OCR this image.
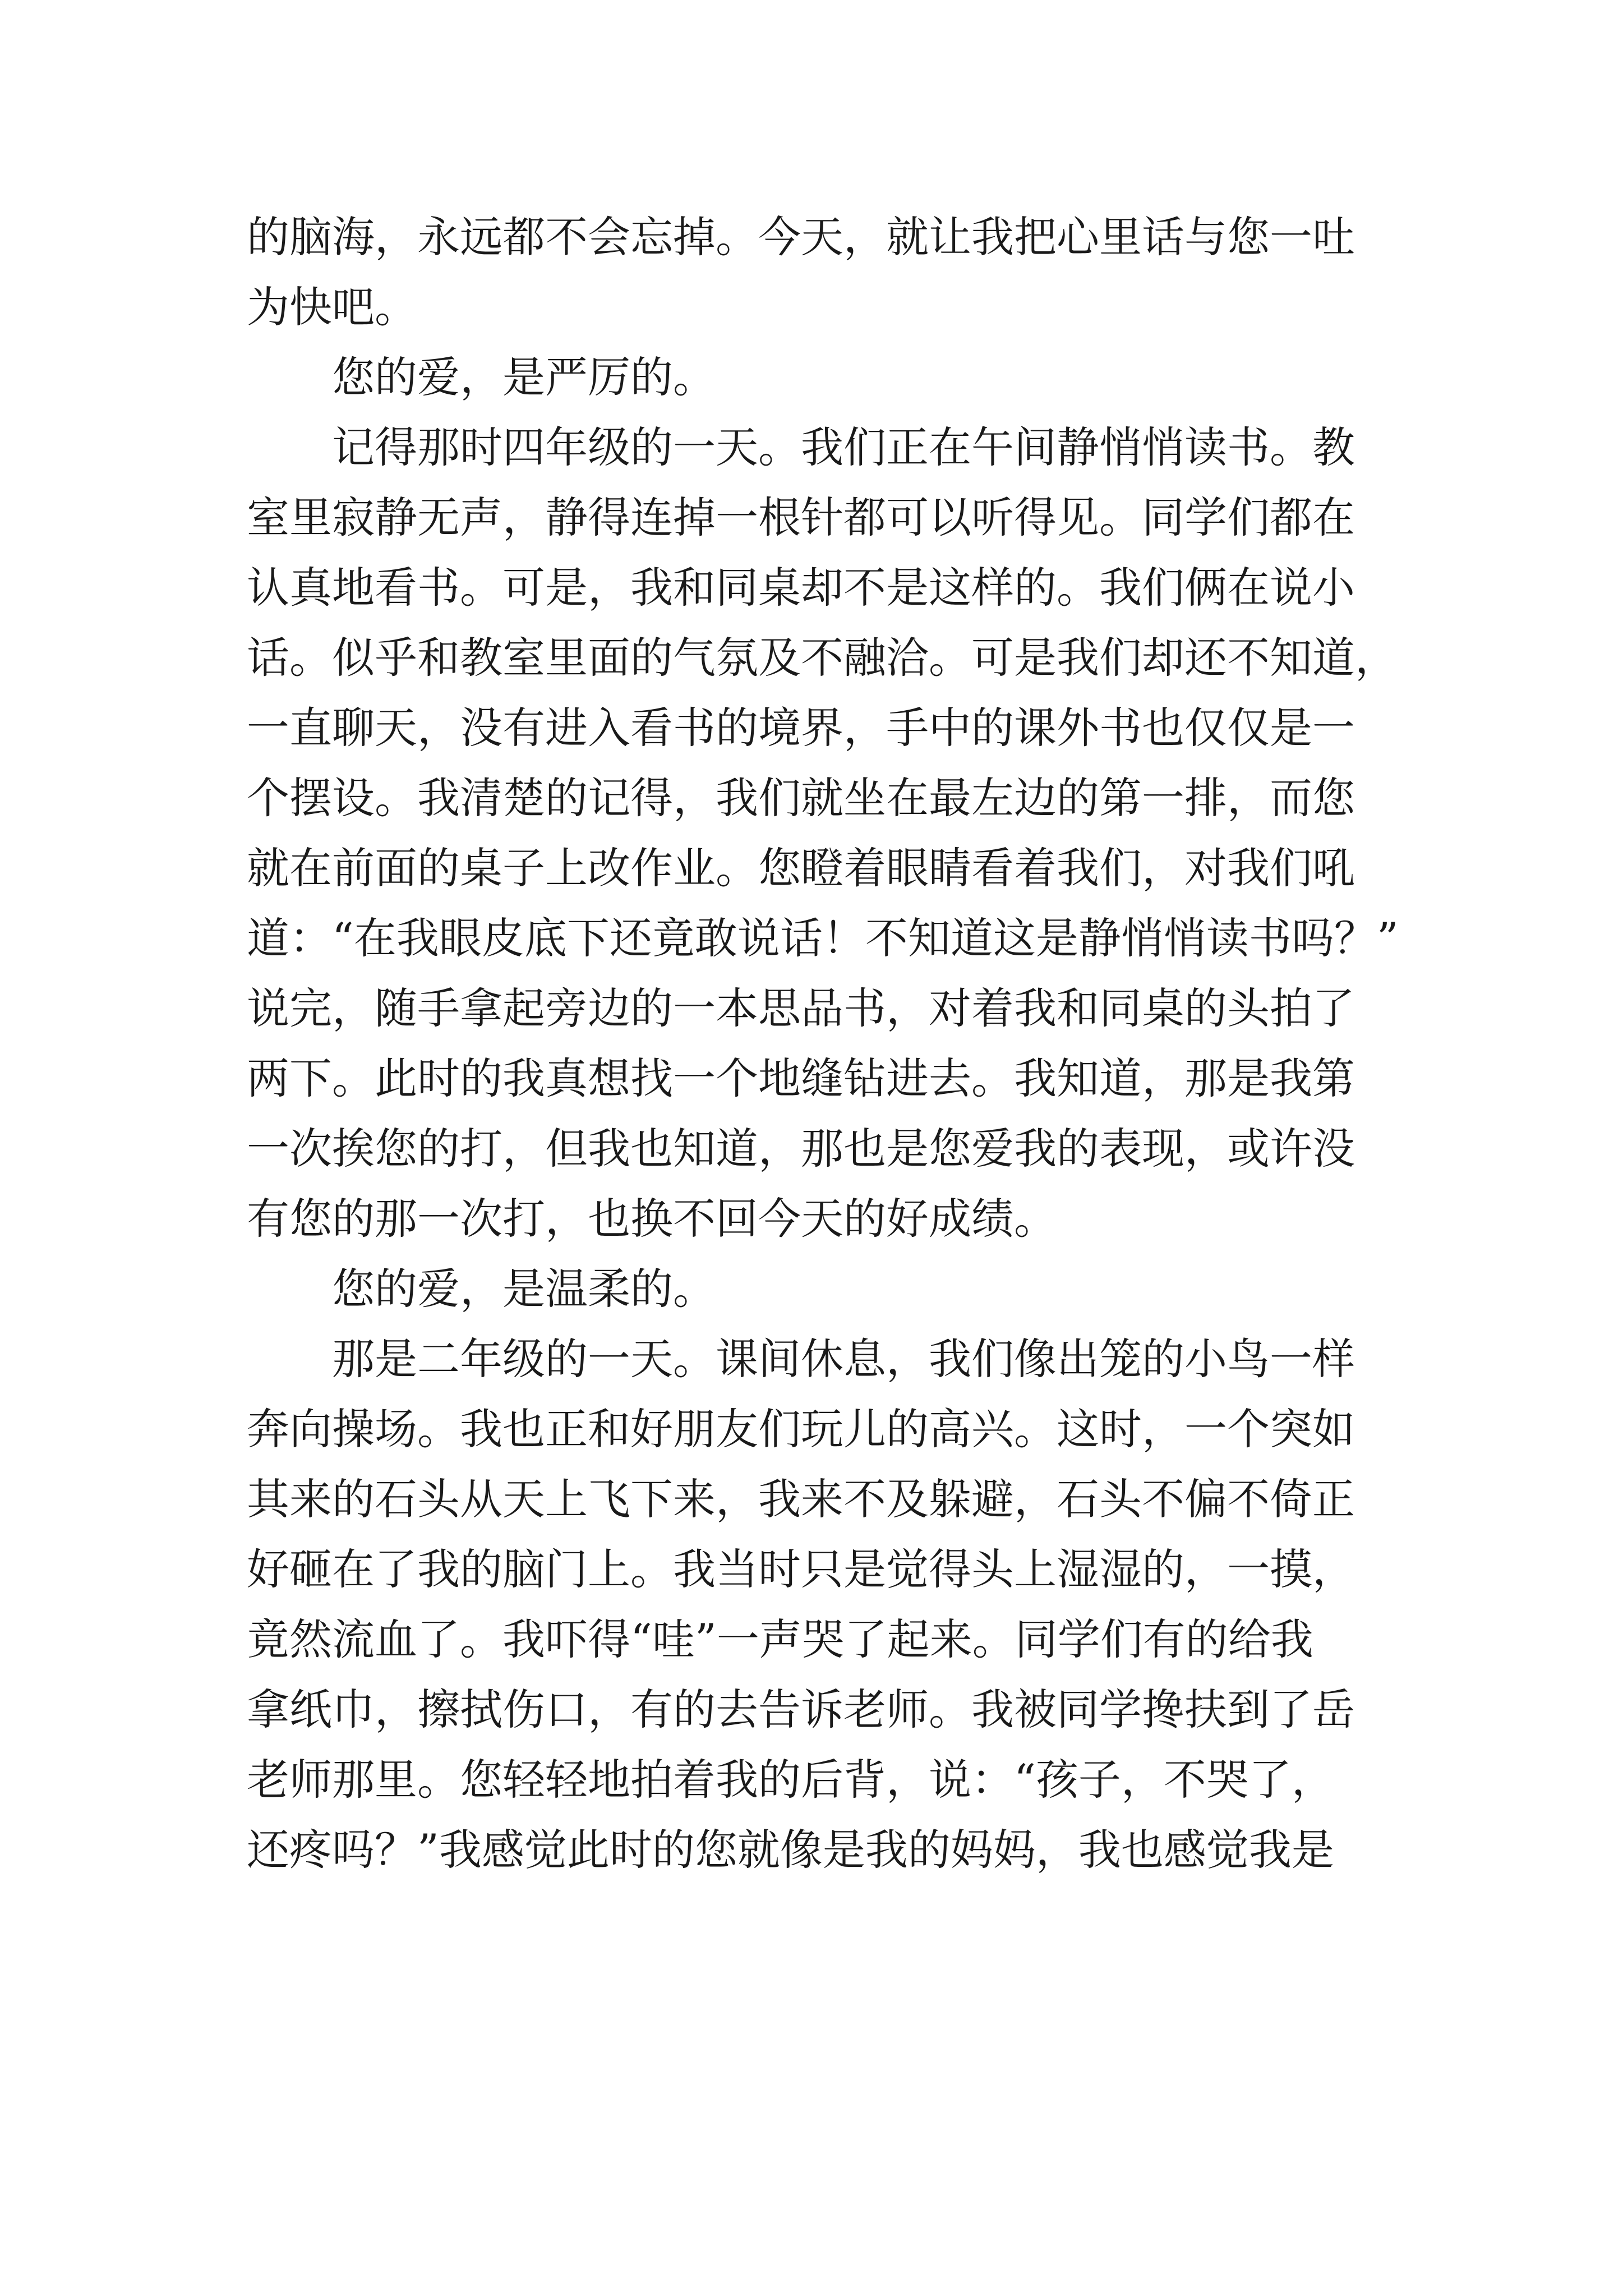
的脑海，永远都不会忘掉。今天，就让我把心里话与您一吐
为快吧。
　　您的爱，是严厉的。
　　记得那时四年级的一天。我们正在午间静悄悄读书。教
室里寂静无声，静得连掉一根针都可以听得见。同学们都在
认真地看书。可是，我和同桌却不是这样的。我们俩在说小
话。似乎和教室里面的气氛及不融洽。可是我们却还不知道，
一直聊天，没有进入看书的境界，手中的课外书也仅仅是一
个摆设。我清楚的记得，我们就坐在最左边的第一排，而您
就在前面的桌子上改作业。您瞪着眼睛看着我们，对我们吼
道：“在我眼皮底下还竟敢说话！不知道这是静悄悄读书吗？”
说完，随手拿起旁边的一本思品书，对着我和同桌的头拍了
两下。此时的我真想找一个地缝钻进去。我知道，那是我第
一次挨您的打，但我也知道，那也是您爱我的表现，或许没
有您的那一次打，也换不回今天的好成绩。
　　您的爱，是温柔的。
　　那是二年级的一天。课间休息，我们像出笼的小鸟一样
奔向操场。我也正和好朋友们玩儿的高兴。这时，一个突如
其来的石头从天上飞下来，我来不及躲避，石头不偏不倚正
好砸在了我的脑门上。我当时只是觉得头上湿湿的，一摸，
竟然流血了。我吓得“哇”一声哭了起来。同学们有的给我
拿纸巾，擦拭伤口，有的去告诉老师。我被同学搀扶到了岳
老师那里。您轻轻地拍着我的后背，说：“孩子，不哭了，
还疼吗？”我感觉此时的您就像是我的妈妈，我也感觉我是
